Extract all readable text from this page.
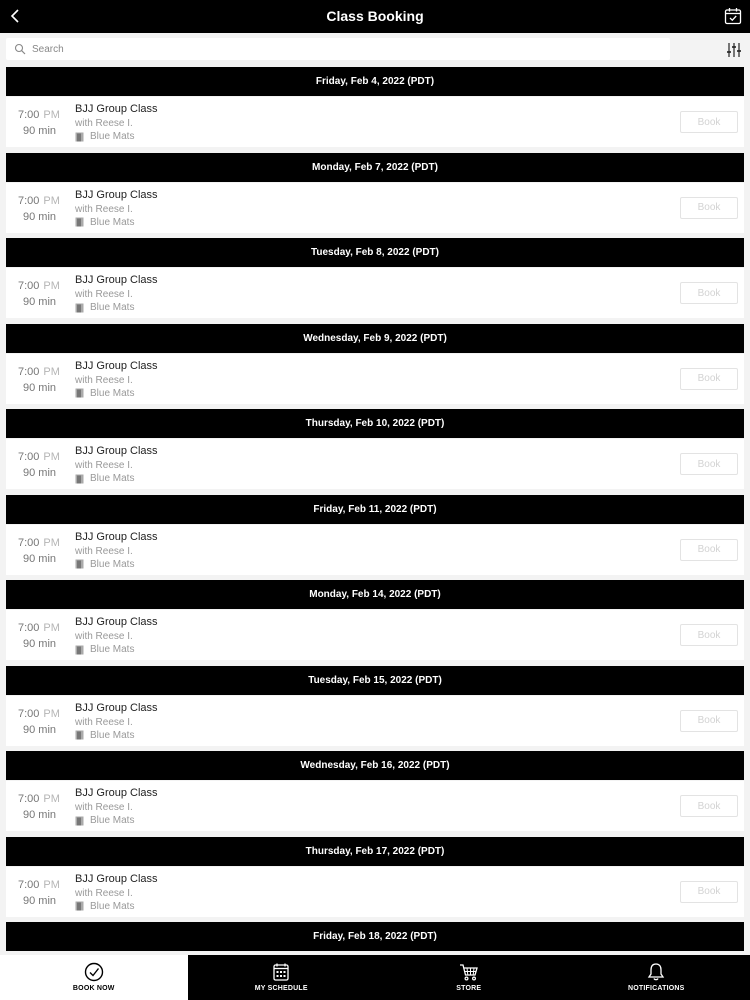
Class Booking
Search
Friday, Feb 4, 2022 (PDT)
7:00 PM
90 min
BJJ Group Class
with Reese I.
Blue Mats
Book
Monday, Feb 7, 2022 (PDT)
7:00 PM
90 min
BJJ Group Class
with Reese I.
Blue Mats
Book
Tuesday, Feb 8, 2022 (PDT)
7:00 PM
90 min
BJJ Group Class
with Reese I.
Blue Mats
Book
Wednesday, Feb 9, 2022 (PDT)
7:00 PM
90 min
BJJ Group Class
with Reese I.
Blue Mats
Book
Thursday, Feb 10, 2022 (PDT)
7:00 PM
90 min
BJJ Group Class
with Reese I.
Blue Mats
Book
Friday, Feb 11, 2022 (PDT)
7:00 PM
90 min
BJJ Group Class
with Reese I.
Blue Mats
Book
Monday, Feb 14, 2022 (PDT)
7:00 PM
90 min
BJJ Group Class
with Reese I.
Blue Mats
Book
Tuesday, Feb 15, 2022 (PDT)
7:00 PM
90 min
BJJ Group Class
with Reese I.
Blue Mats
Book
Wednesday, Feb 16, 2022 (PDT)
7:00 PM
90 min
BJJ Group Class
with Reese I.
Blue Mats
Book
Thursday, Feb 17, 2022 (PDT)
7:00 PM
90 min
BJJ Group Class
with Reese I.
Blue Mats
Book
Friday, Feb 18, 2022 (PDT)
BOOK NOW	MY SCHEDULE	STORE	NOTIFICATIONS
